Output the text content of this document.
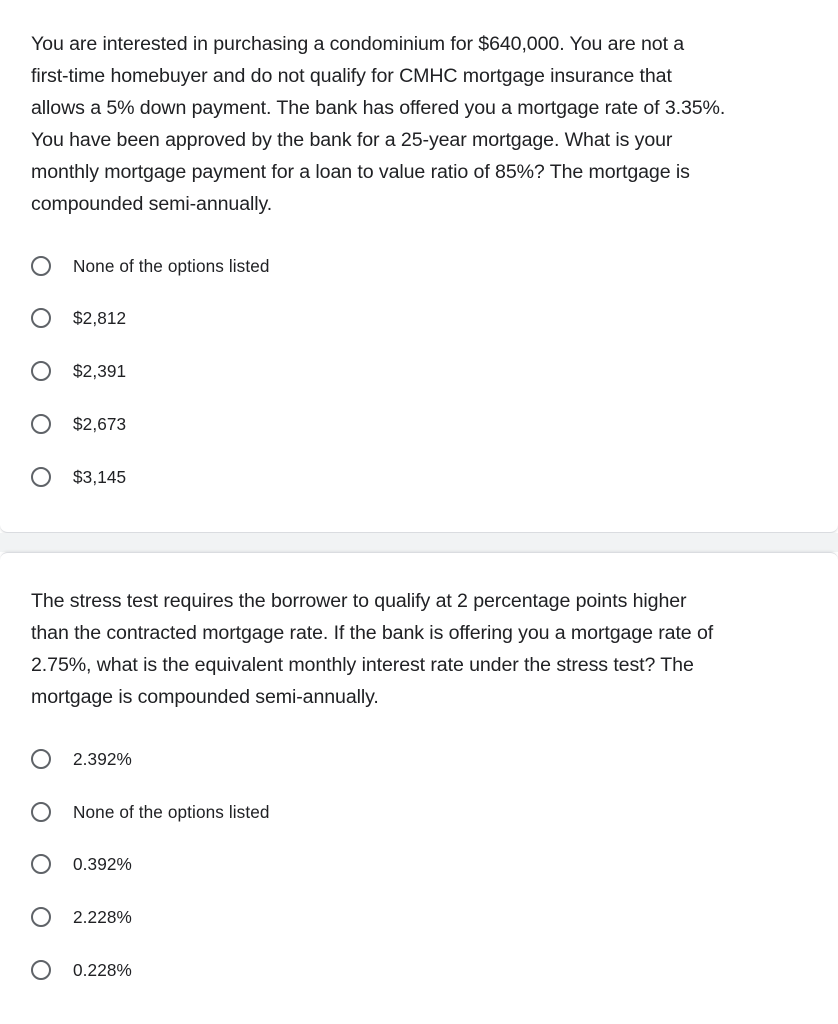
You are interested in purchasing a condominium for $640,000. You are not a
first-time homebuyer and do not qualify for CMHC mortgage insurance that
allows a 5% down payment. The bank has offered you a mortgage rate of 3.35%.
You have been approved by the bank for a 25-year mortgage. What is your
monthly mortgage payment for a loan to value ratio of 85%? The mortgage is
compounded semi-annually.
None of the options listed
$2,812
$2,391
$2,673
$3,145
The stress test requires the borrower to qualify at 2 percentage points higher
than the contracted mortgage rate. If the bank is offering you a mortgage rate of
2.75%, what is the equivalent monthly interest rate under the stress test? The
mortgage is compounded semi-annually.
2.392%
None of the options listed
0.392%
2.228%
0.228%
